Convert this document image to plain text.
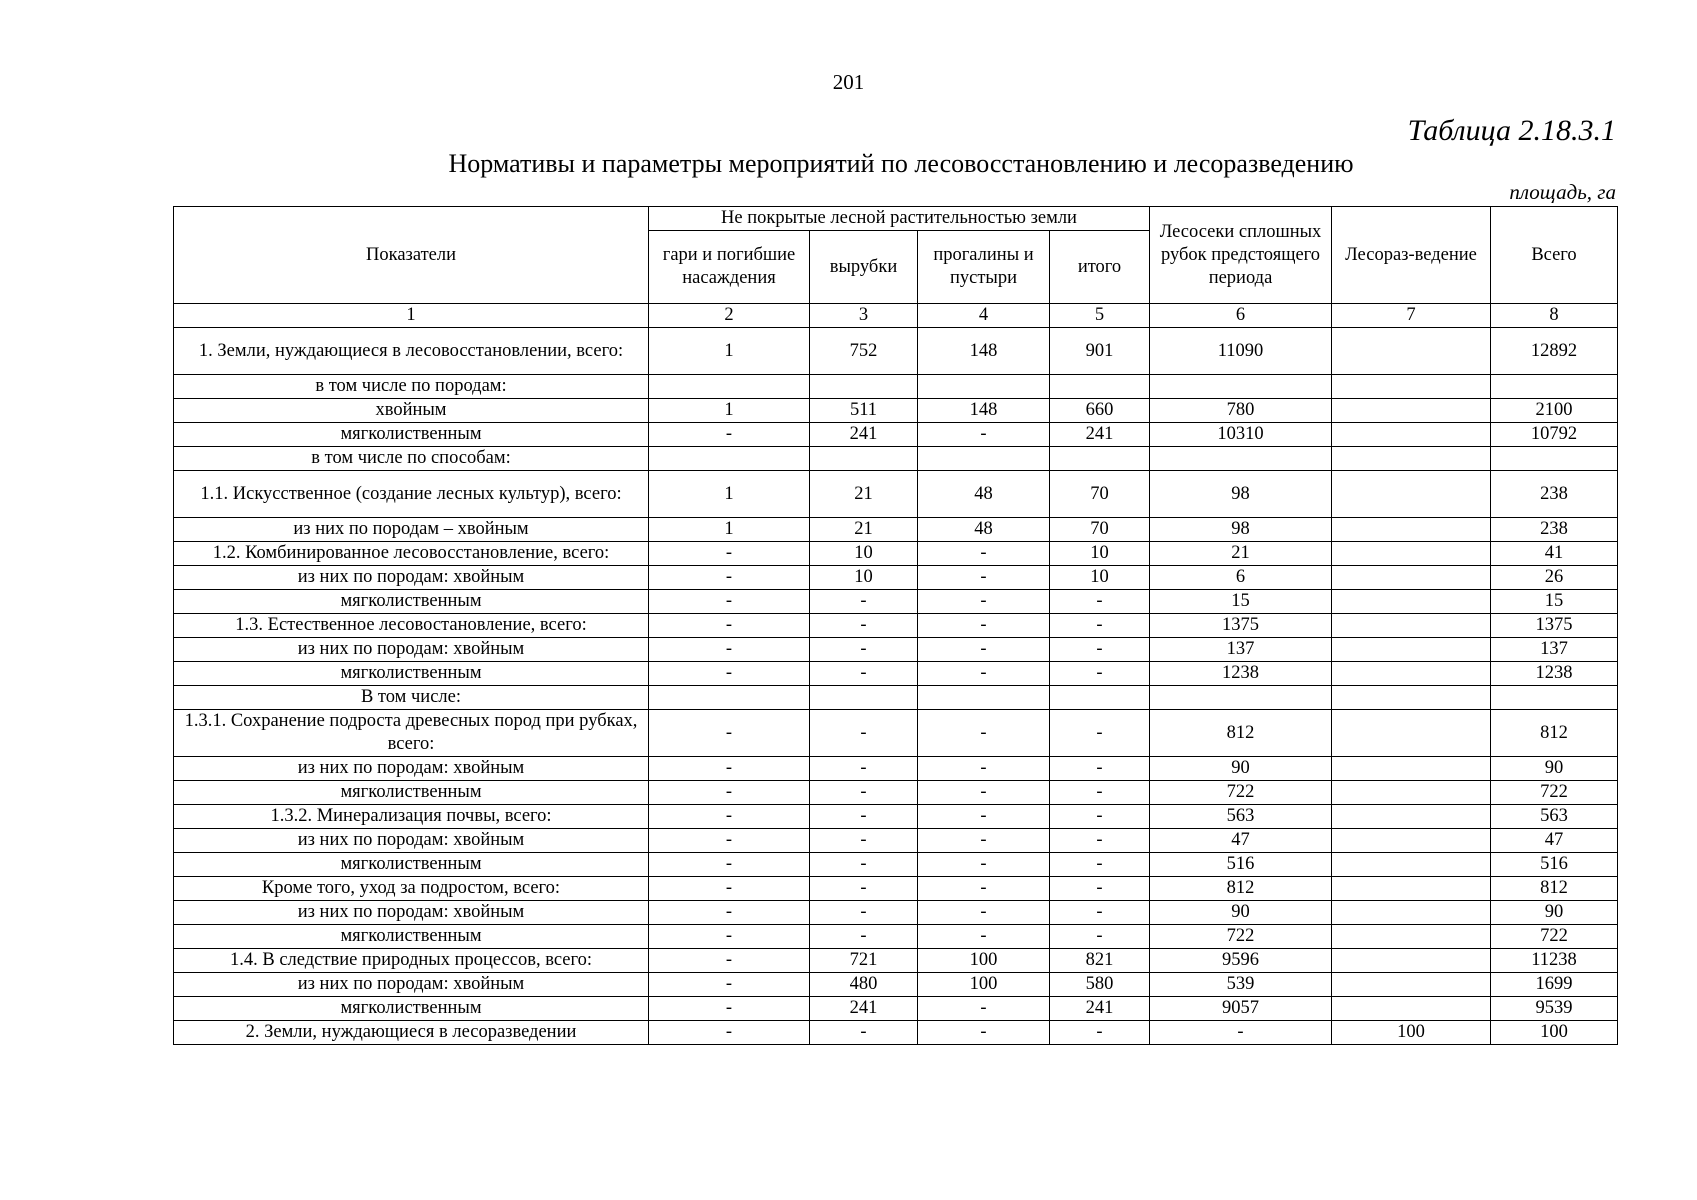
201
Таблица 2.18.3.1
Нормативы и параметры мероприятий по лесовосстановлению и лесоразведению
площадь, га
Показатели	Не покрытые лесной растительностью земли				Лесосеки сплошных рубок предстоящего периода	Лесораз-ведение	Всего
	гари и погибшие насаждения	вырубки	прогалины и пустыри	итого			
1	2	3	4	5	6	7	8
1. Земли, нуждающиеся в лесовосстановлении, всего:	1	752	148	901	11090		12892
в том числе по породам:							
хвойным	1	511	148	660	780		2100
мягколиственным	-	241	-	241	10310		10792
в том числе по способам:							
1.1. Искусственное (создание лесных культур), всего:	1	21	48	70	98		238
из них по породам – хвойным	1	21	48	70	98		238
1.2. Комбинированное лесовосстановление, всего:	-	10	-	10	21		41
из них по породам: хвойным	-	10	-	10	6		26
мягколиственным	-	-	-	-	15		15
1.3. Естественное лесовостановление, всего:	-	-	-	-	1375		1375
из них по породам: хвойным	-	-	-	-	137		137
мягколиственным	-	-	-	-	1238		1238
В том числе:							
1.3.1. Сохранение подроста древесных пород при рубках, всего:	-	-	-	-	812		812
из них по породам: хвойным	-	-	-	-	90		90
мягколиственным	-	-	-	-	722		722
1.3.2. Минерализация почвы, всего:	-	-	-	-	563		563
из них по породам: хвойным	-	-	-	-	47		47
мягколиственным	-	-	-	-	516		516
Кроме того, уход за подростом, всего:	-	-	-	-	812		812
из них по породам: хвойным	-	-	-	-	90		90
мягколиственным	-	-	-	-	722		722
1.4. В следствие природных процессов, всего:	-	721	100	821	9596		11238
из них по породам: хвойным	-	480	100	580	539		1699
мягколиственным	-	241	-	241	9057		9539
2. Земли, нуждающиеся в лесоразведении	-	-	-	-	-	100	100
